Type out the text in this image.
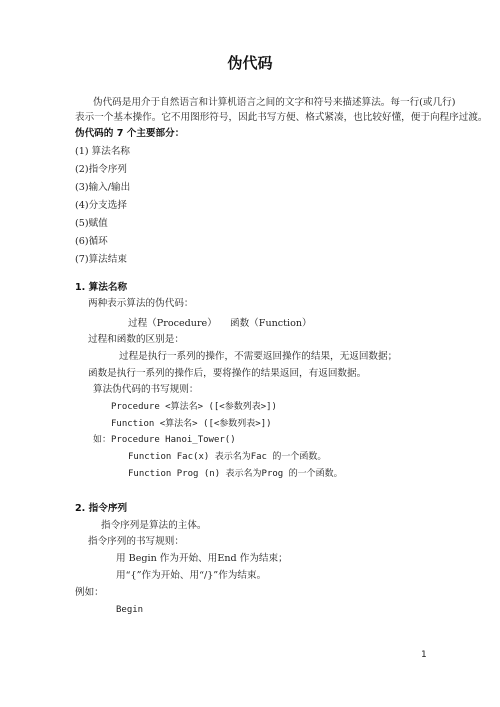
伪代码
伪代码是用介于自然语言和计算机语言之间的文字和符号来描述算法。每一行(或几行)
表示一个基本操作。它不用图形符号，因此书写方便、格式紧凑，也比较好懂，便于向程序过渡。
伪代码的 7 个主要部分：
(1) 算法名称
(2)指令序列
(3)输入/输出
(4)分支选择
(5)赋值
(6)循环
(7)算法结束
1. 算法名称
两种表示算法的伪代码：
过程（Procedure） 函数（Function）
过程和函数的区别是：
过程是执行一系列的操作，不需要返回操作的结果，无返回数据；
函数是执行一系列的操作后，要将操作的结果返回，有返回数据。
算法伪代码的书写规则：
Procedure <算法名> ([<参数列表>])
Function <算法名> ([<参数列表>])
如：Procedure Hanoi_Tower()
Function Fac(x) 表示名为Fac 的一个函数。
Function Prog (n) 表示名为Prog 的一个函数。
2. 指令序列
指令序列是算法的主体。
指令序列的书写规则：
用 Begin 作为开始、用End 作为结束；
用“{”作为开始、用“/}”作为结束。
例如：
Begin
1
